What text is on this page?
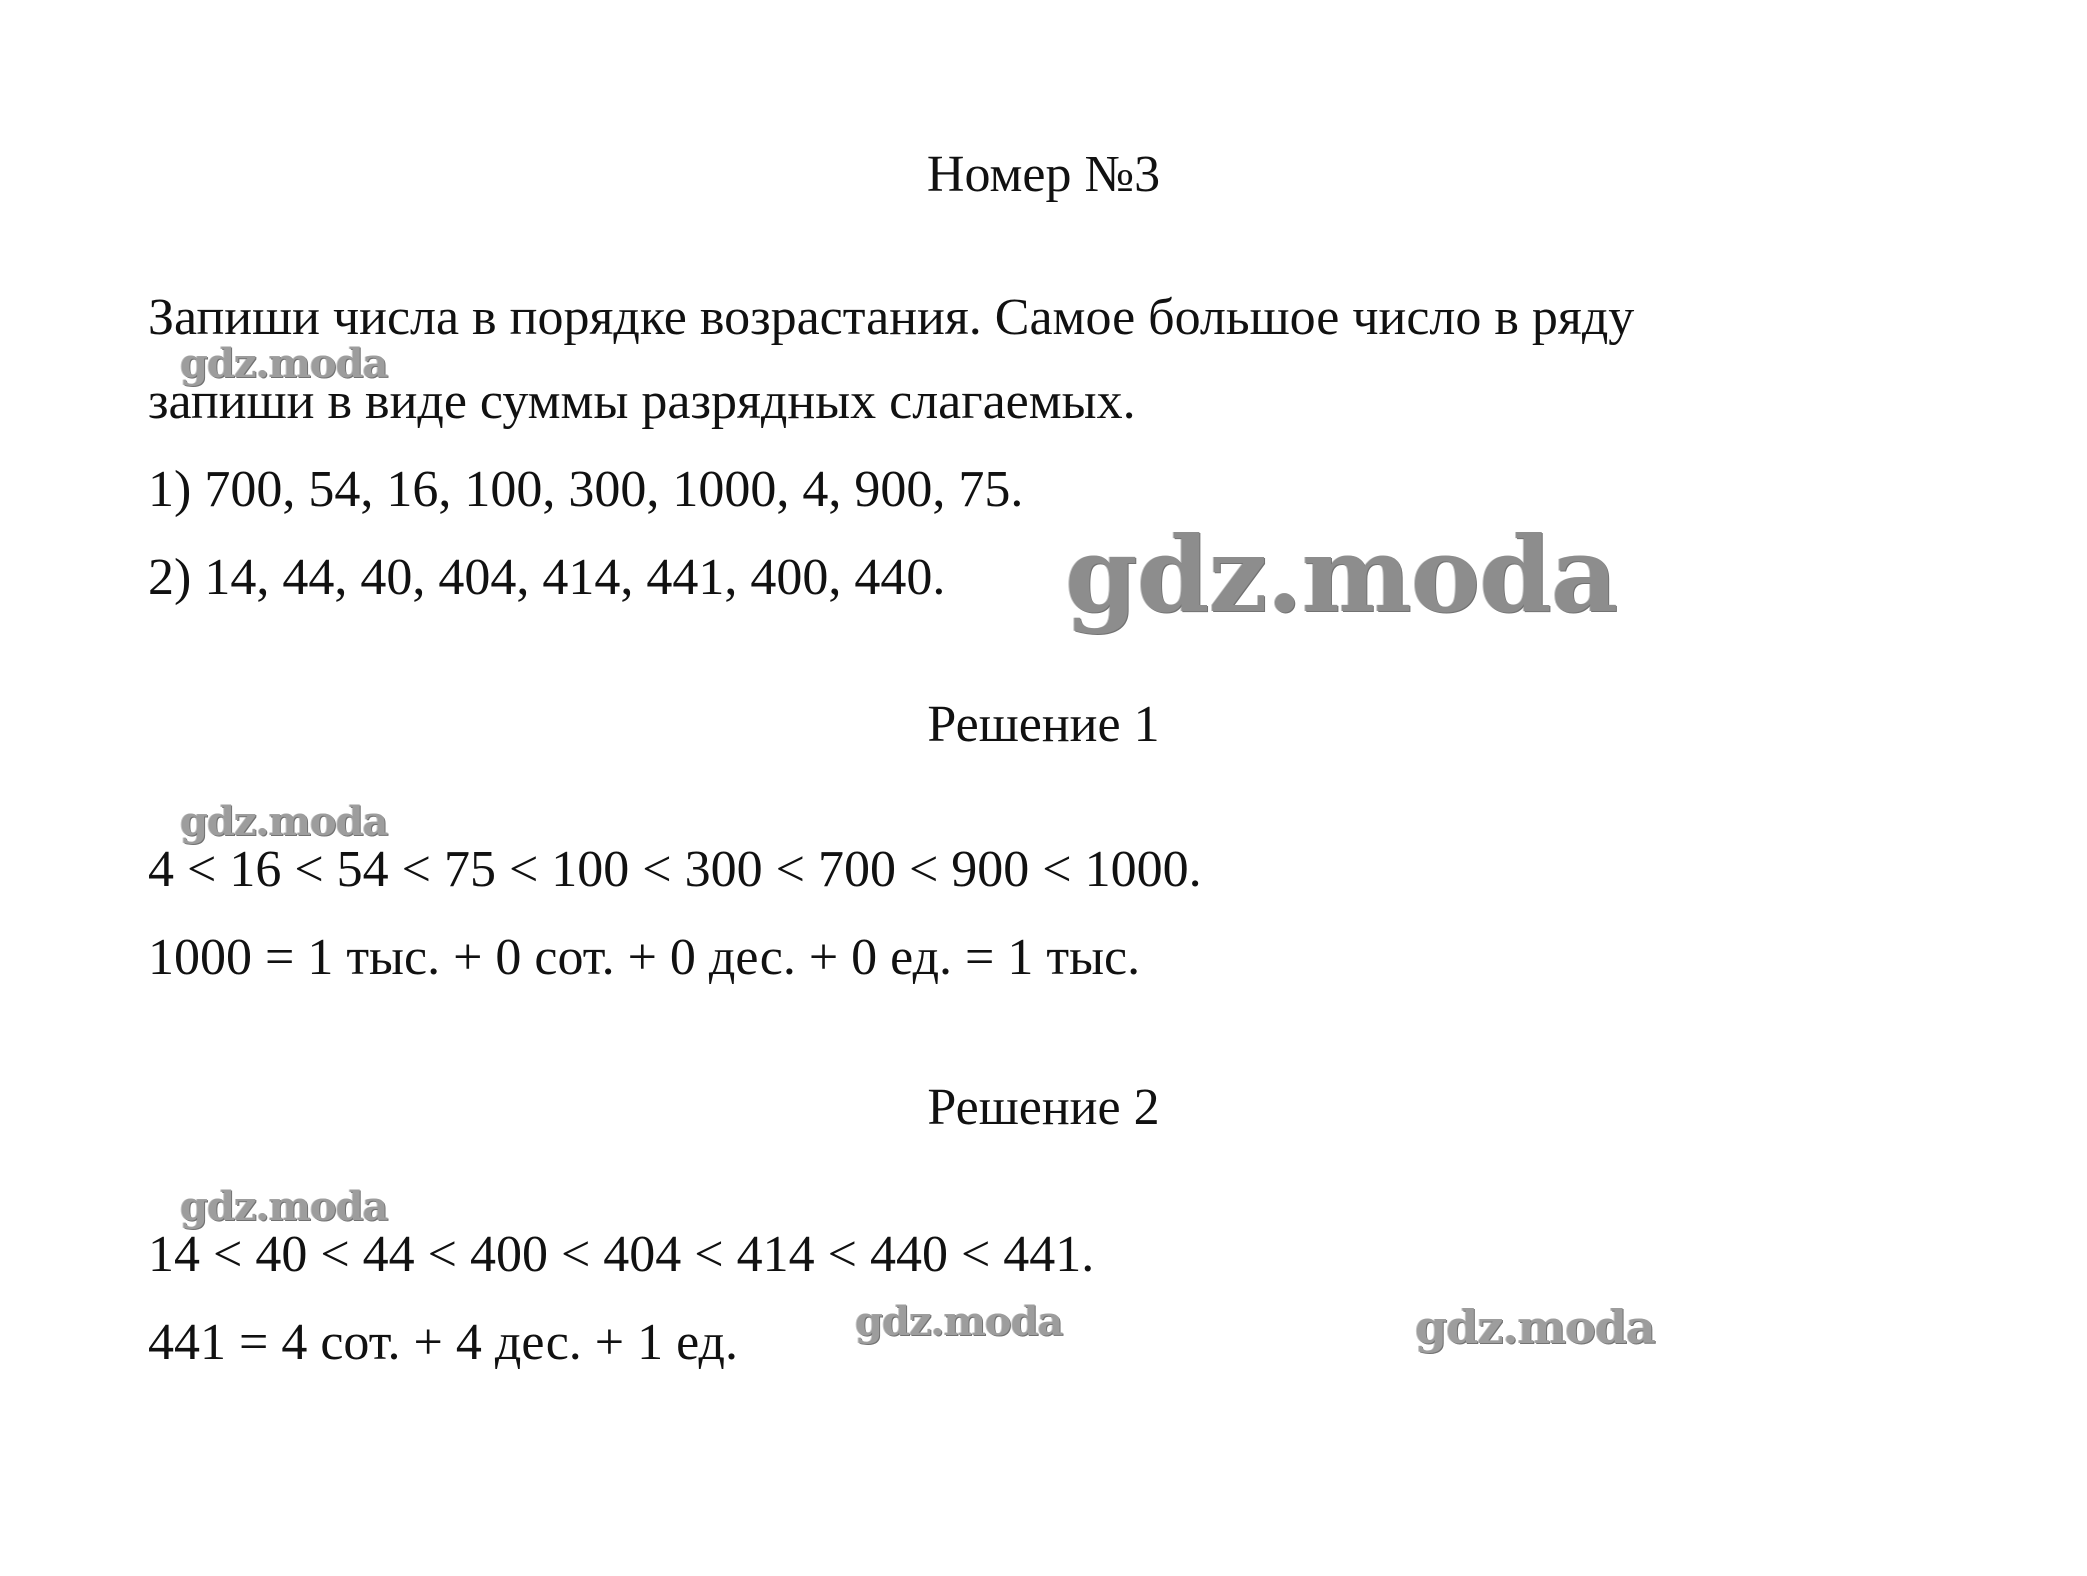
Номер №3
Запиши числа в порядке возрастания. Самое большое число в ряду
запиши в виде суммы разрядных слагаемых.
1) 700, 54, 16, 100, 300, 1000, 4, 900, 75.
2) 14, 44, 40, 404, 414, 441, 400, 440.
Решение 1
4 < 16 < 54 < 75 < 100 < 300 < 700 < 900 < 1000.
1000 = 1 тыс. + 0 сот. + 0 дес. + 0 ед. = 1 тыс.
Решение 2
14 < 40 < 44 < 400 < 404 < 414 < 440 < 441.
441 = 4 сот. + 4 дес. + 1 ед.
gdz.moda
gdz.moda
gdz.moda
gdz.moda
gdz.moda	gdz.moda
